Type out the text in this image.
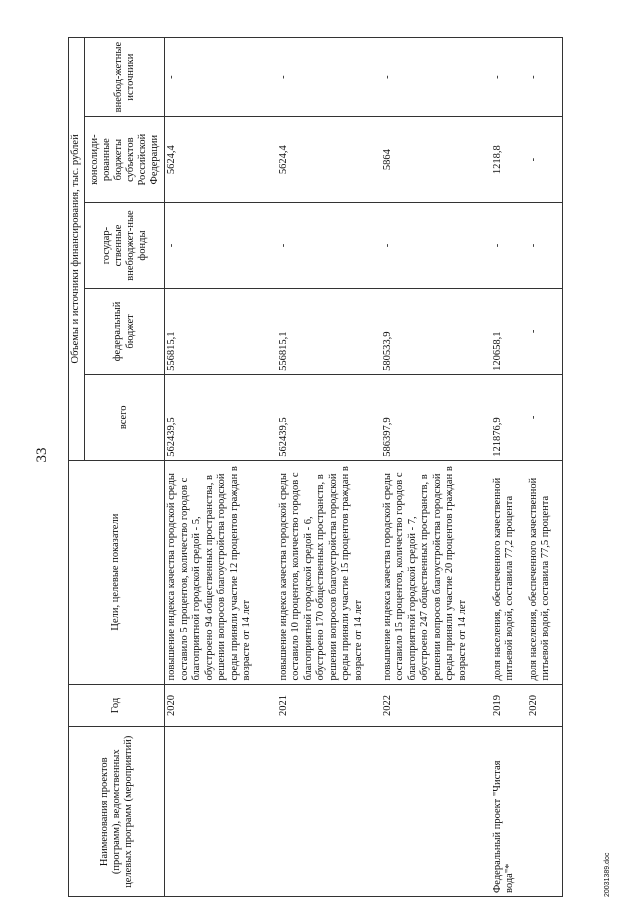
33
Наименования проектов (программ), ведомственных целевых программ (мероприятий)	Год	Цели, целевые показатели	Объемы и источники финансирования, тыс. рублей				
			всего	федеральный бюджет	государ-ственные внебюджет-ные фонды	консолиди-рованные бюджеты субъектов Российской Федерации	внебюд-жетные источники
	2020	повышение индекса качества городской среды составило 5 процентов, количество городов с благоприятной городской средой - 5, обустроено 94 общественных пространства, в решении вопросов благоустройства городской среды приняли участие 12 процентов граждан в возрасте от 14 лет	562439,5	556815,1	-	5624,4	-
	2021	повышение индекса качества городской среды составило 10 процентов, количество городов с благоприятной городской средой - 6, обустроено 170 общественных пространств, в решении вопросов благоустройства городской среды приняли участие 15 процентов граждан в возрасте от 14 лет	562439,5	556815,1	-	5624,4	-
	2022	повышение индекса качества городской среды составило 15 процентов, количество городов с благоприятной городской средой - 7, обустроено 247 общественных пространств, в решении вопросов благоустройства городской среды приняли участие 20 процентов граждан в возрасте от 14 лет	586397,9	580533,9	-	5864	-
Федеральный проект "Чистая вода"*	2019	доля населения, обеспеченного качественной питьевой водой, составила 77,2 процента	121876,9	120658,1	-	1218,8	-
	2020	доля населения, обеспеченного качественной питьевой водой, составила 77,5 процента	-	-	-	-	-
20031389.doc
